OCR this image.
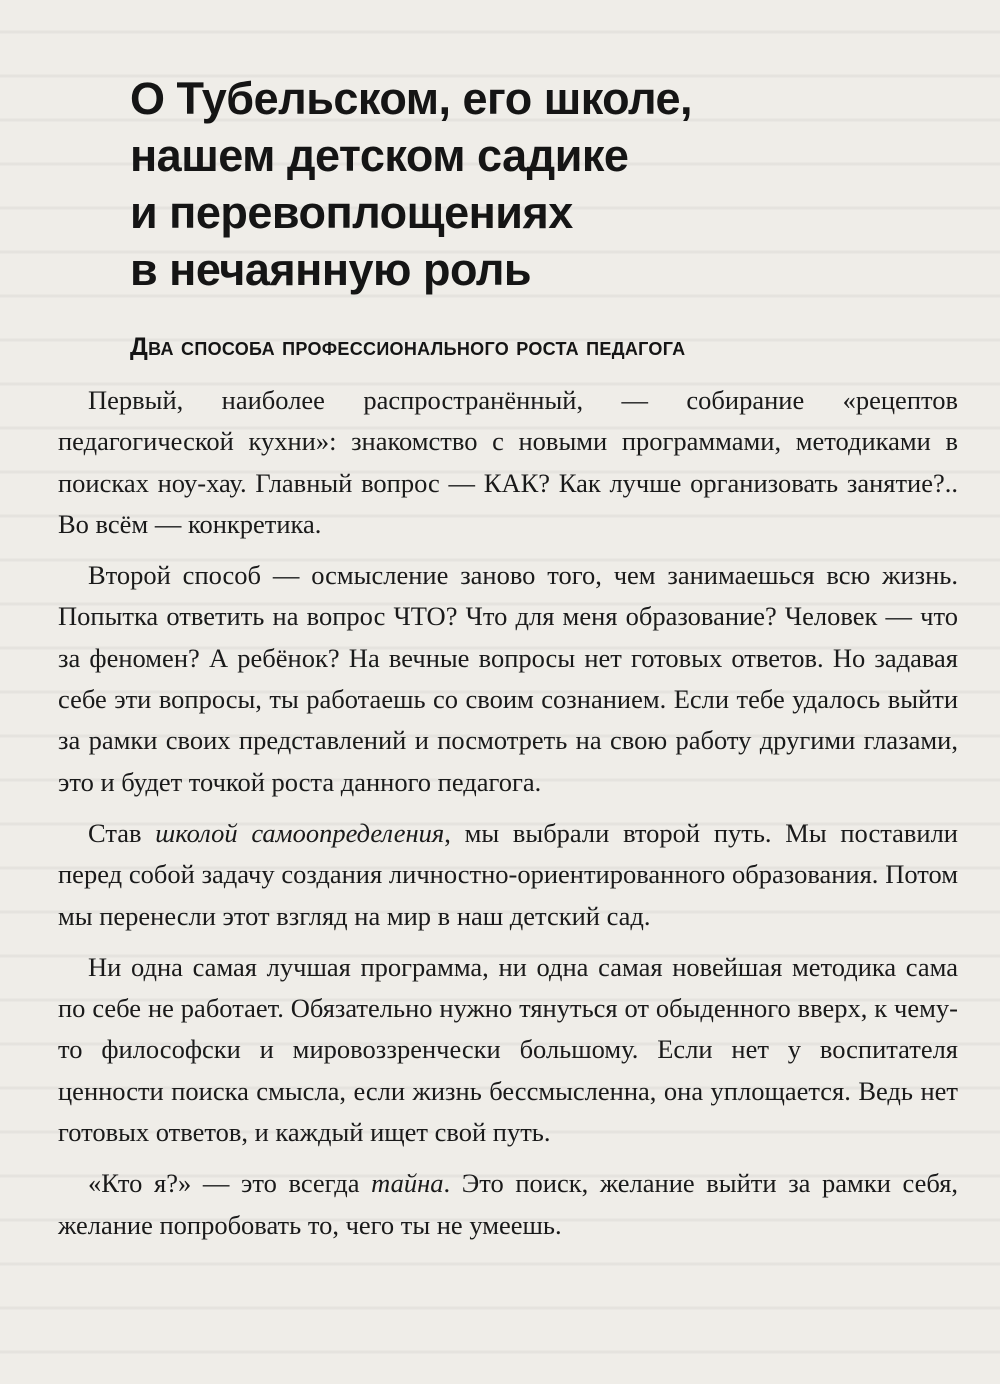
О Тубельском, его школе,
нашем детском садике
и перевоплощениях
в нечаянную роль
Два способа профессионального роста педагога

Первый, наиболее распространённый, — собирание «рецептов педагогической кухни»: знакомство с новыми программами, методиками в поисках ноу-хау. Главный вопрос — КАК? Как лучше организовать занятие?.. Во всём — конкретика.

Второй способ — осмысление заново того, чем занимаешься всю жизнь. Попытка ответить на вопрос ЧТО? Что для меня образование? Человек — что за феномен? А ребёнок? На вечные вопросы нет готовых ответов. Но задавая себе эти вопросы, ты работаешь со своим сознанием. Если тебе удалось выйти за рамки своих представлений и посмотреть на свою работу другими глазами, это и будет точкой роста данного педагога.

Став школой самоопределения, мы выбрали второй путь. Мы поставили перед собой задачу создания личностно-ориентированного образования. Потом мы перенесли этот взгляд на мир в наш детский сад.

Ни одна самая лучшая программа, ни одна самая новейшая методика сама по себе не работает. Обязательно нужно тянуться от обыденного вверх, к чему-то философски и мировоззренчески большому. Если нет у воспитателя ценности поиска смысла, если жизнь бессмысленна, она уплощается. Ведь нет готовых ответов, и каждый ищет свой путь.

«Кто я?» — это всегда тайна. Это поиск, желание выйти за рамки себя, желание попробовать то, чего ты не умеешь.
